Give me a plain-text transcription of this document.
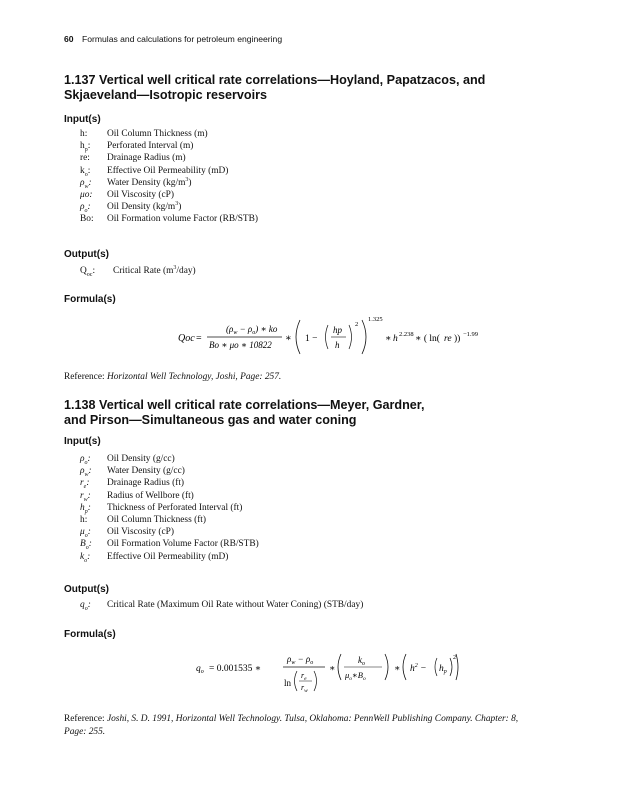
60 Formulas and calculations for petroleum engineering
1.137 Vertical well critical rate correlations—Hoyland, Papatzacos, and
Skjaeveland—Isotropic reservoirs
Input(s)
h:	Oil Column Thickness (m)
$h_p$:	Perforated Interval (m)
re:	Drainage Radius (m)
$k_o$:	Effective Oil Permeability (mD)
$\rho_w$:	Water Density $(kg/m^3)$
μo:	Oil Viscosity (cP)
$\rho_o$:	Oil Density $(kg/m^3)$
Bo:	Oil Formation volume Factor (RB/STB)
Output(s)
$Q_{oc}$:	Critical Rate $(m^3/day)$
Formula(s)
Qoc =
$(\rho_w - \rho_o)$ ∗ ko
Bo ∗ μo ∗ 10822
∗ 1 −
hp
h
2
1.325
∗ h 2.238 ∗ ( ln( re )) −1.99
Reference: Horizontal Well Technology, Joshi, Page: 257.
1.138 Vertical well critical rate correlations—Meyer, Gardner,
and Pirson—Simultaneous gas and water coning
Input(s)
$\rho_o$:	Oil Density (g/cc)
$\rho_w$:	Water Density (g/cc)
$r_e$:	Drainage Radius (ft)
$r_w$:	Radius of Wellbore (ft)
$h_p$:	Thickness of Perforated Interval (ft)
h:	Oil Column Thickness (ft)
$\mu_o$:	Oil Viscosity (cP)
$B_o$:	Oil Formation Volume Factor (RB/STB)
$k_o$:	Effective Oil Permeability (mD)
Output(s)
$q_o$:	Critical Rate (Maximum Oil Rate without Water Coning) (STB/day)
Formula(s)
$q_o = 0.001535$ ∗
$\rho_w - \rho_o$
ln
$r_e$
$r_w$
∗
$k_o$
$\mu_o∗B_o$
∗ $h^2 - h_p$
2
Reference: Joshi, S. D. 1991, Horizontal Well Technology. Tulsa, Oklahoma: PennWell Publishing Company. Chapter: 8,
Page: 255.
